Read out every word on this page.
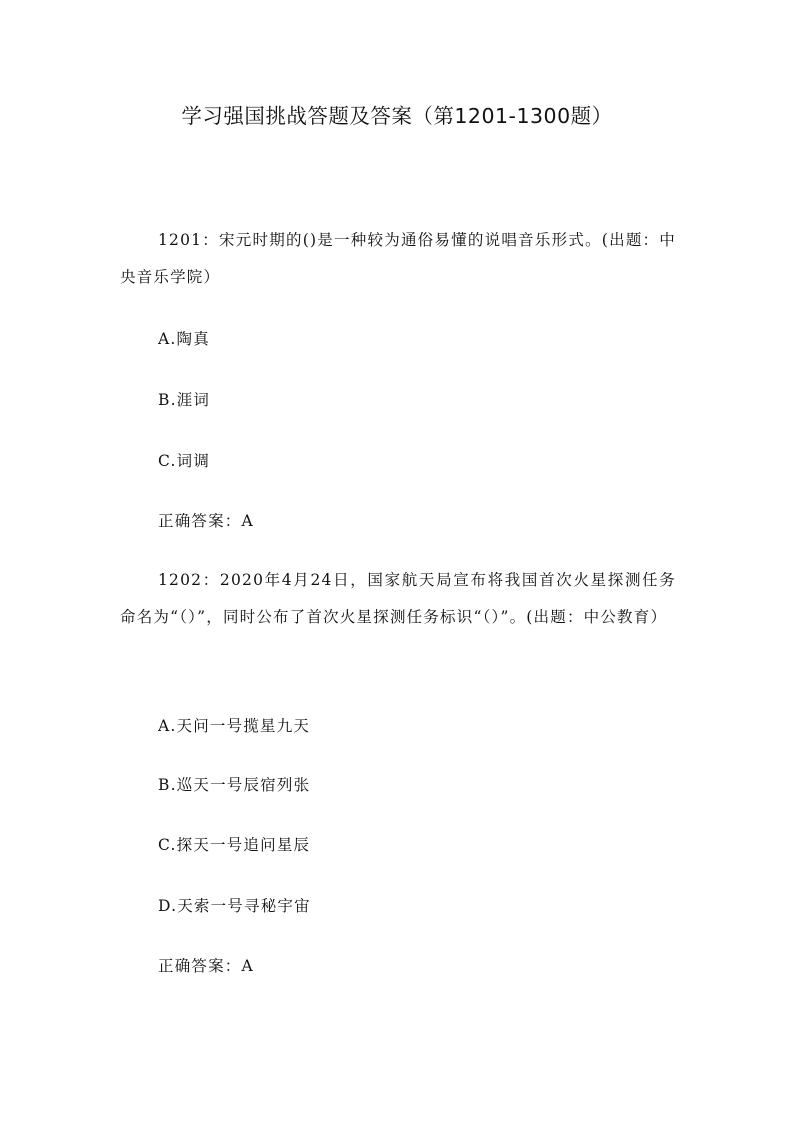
学习强国挑战答题及答案（第1201-1300题）
1201：宋元时期的()是一种较为通俗易懂的说唱音乐形式。(出题：中央音乐学院）
A.陶真
B.涯词
C.词调
正确答案：A
1202：2020年4月24日，国家航天局宣布将我国首次火星探测任务命名为“（）”，同时公布了首次火星探测任务标识“（）”。(出题：中公教育）
A.天问一号揽星九天
B.巡天一号辰宿列张
C.探天一号追问星辰
D.天索一号寻秘宇宙
正确答案：A
